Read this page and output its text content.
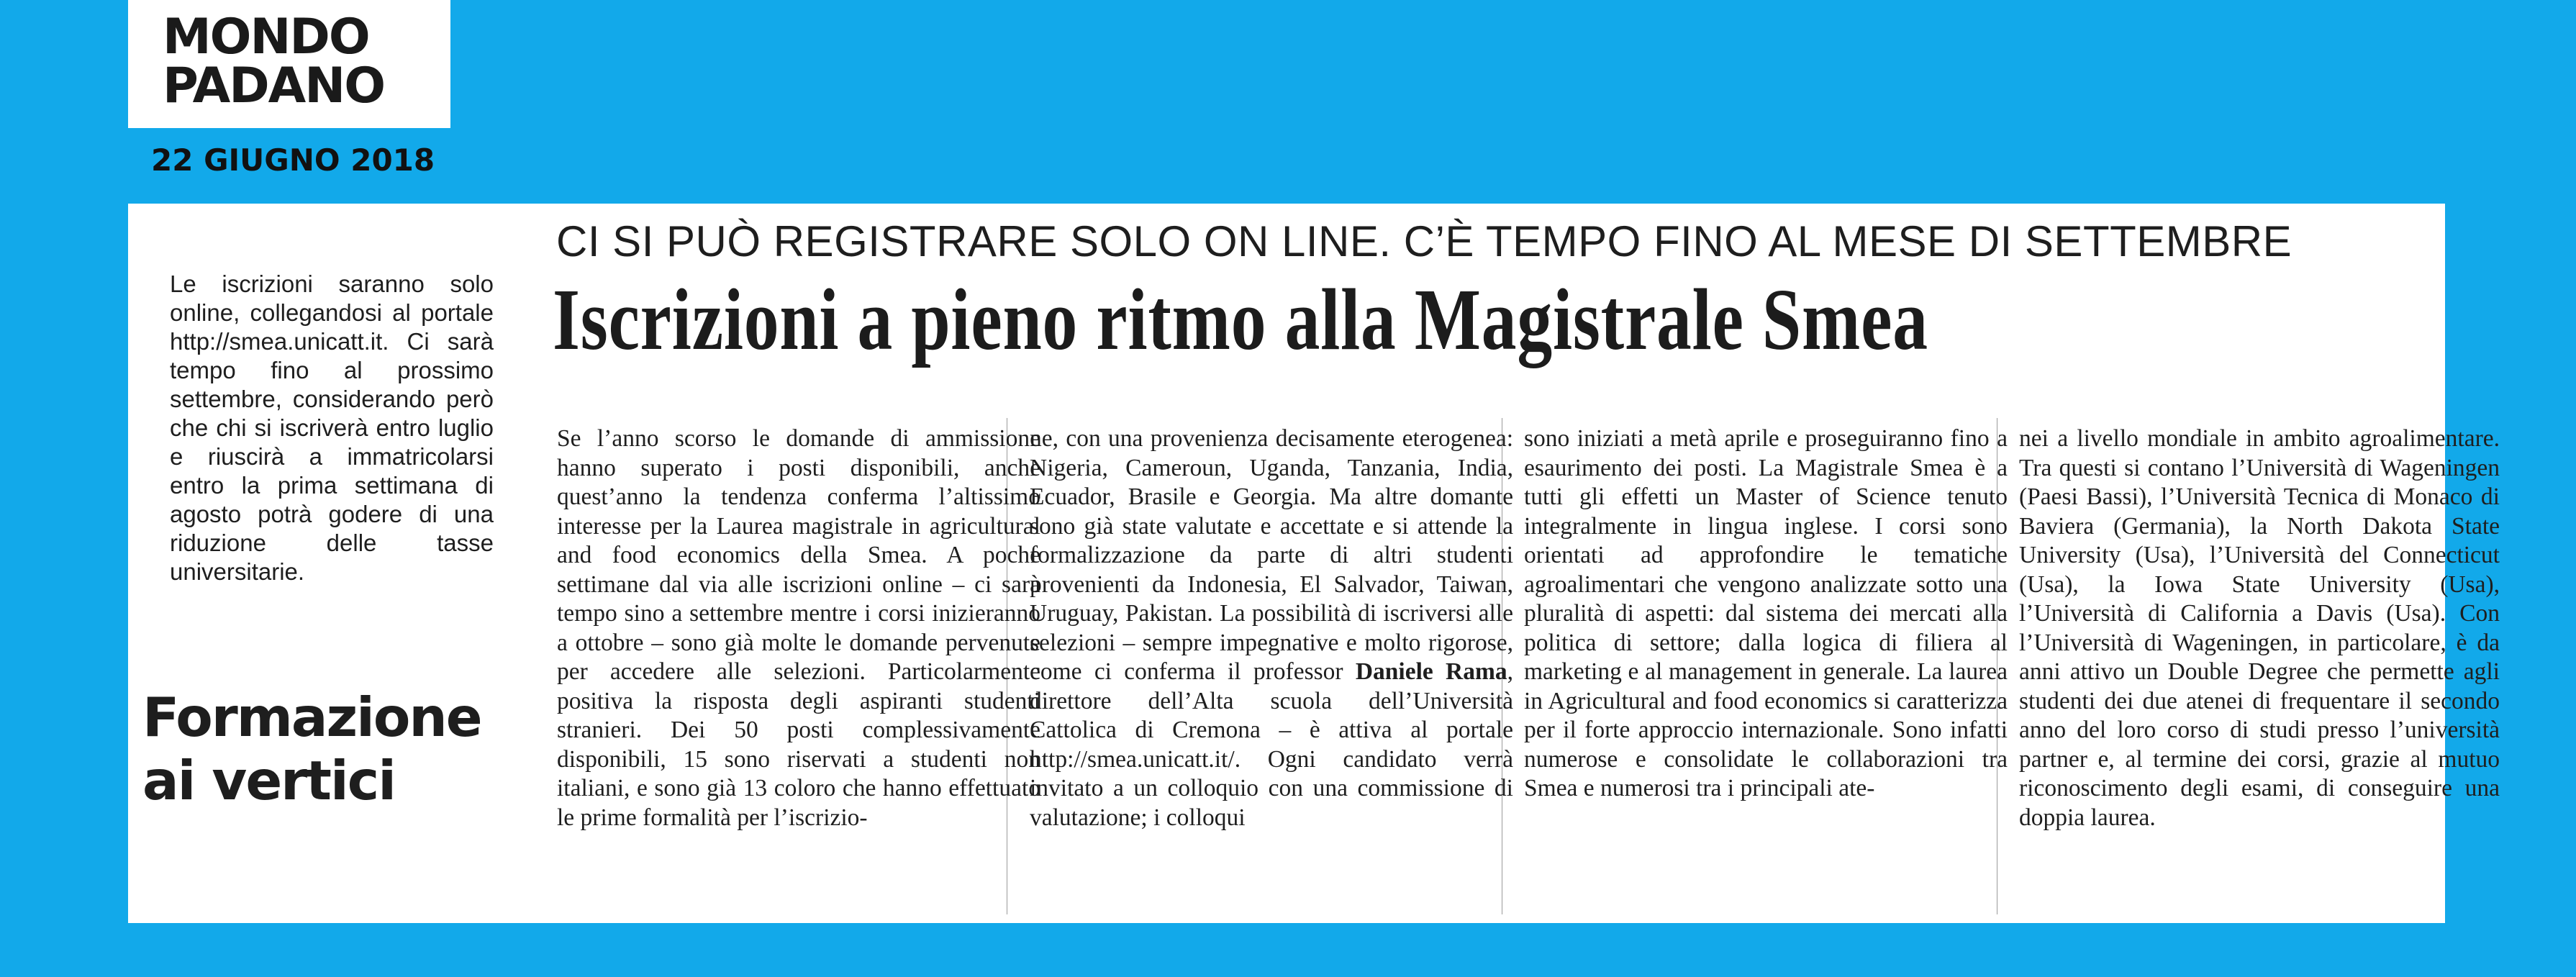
MONDO
PADANO
22 GIUGNO 2018
CI SI PUÒ REGISTRARE SOLO ON LINE. C’È TEMPO FINO AL MESE DI SETTEMBRE
Iscrizioni a pieno ritmo alla Magistrale Smea
Le iscrizioni saranno solo online, collegandosi al portale http://smea.unicatt.it. Ci sarà tempo fino al prossimo settembre, considerando però che chi si iscriverà entro luglio e riuscirà a immatricolarsi entro la prima settimana di agosto potrà godere di una riduzione delle tasse universitarie.
Formazione ai vertici
Se l’anno scorso le domande di ammissione hanno superato i posti disponibili, anche quest’anno la tendenza conferma l’altissimo interesse per la Laurea magistrale in agricultural and food economics della Smea. A poche settimane dal via alle iscrizioni online – ci sarà tempo sino a settembre mentre i corsi inizieranno a ottobre – sono già molte le domande pervenute per accedere alle selezioni. Particolarmente positiva la risposta degli aspiranti studenti stranieri. Dei 50 posti complessivamente disponibili, 15 sono riservati a studenti non italiani, e sono già 13 coloro che hanno effettuato le prime formalità per l’iscrizio-
ne, con una provenienza decisamente eterogenea: Nigeria, Cameroun, Uganda, Tanzania, India, Ecuador, Brasile e Georgia. Ma altre domante sono già state valutate e accettate e si attende la formalizzazione da parte di altri studenti provenienti da Indonesia, El Salvador, Taiwan, Uruguay, Pakistan. La possibilità di iscriversi alle selezioni – sempre impegnative e molto rigorose, come ci conferma il professor Daniele Rama, direttore dell’Alta scuola dell’Università Cattolica di Cremona – è attiva al portale http://smea.unicatt.it/. Ogni candidato verrà invitato a un colloquio con una commissione di valutazione; i colloqui
sono iniziati a metà aprile e proseguiranno fino a esaurimento dei posti. La Magistrale Smea è a tutti gli effetti un Master of Science tenuto integralmente in lingua inglese. I corsi sono orientati ad approfondire le tematiche agroalimentari che vengono analizzate sotto una pluralità di aspetti: dal sistema dei mercati alla politica di settore; dalla logica di filiera al marketing e al management in generale. La laurea in Agricultural and food economics si caratterizza per il forte approccio internazionale. Sono infatti numerose e consolidate le collaborazioni tra Smea e numerosi tra i principali ate-
nei a livello mondiale in ambito agroalimentare. Tra questi si contano l’Università di Wageningen (Paesi Bassi), l’Università Tecnica di Monaco di Baviera (Germania), la North Dakota State University (Usa), l’Università del Connecticut (Usa), la Iowa State University (Usa), l’Università di California a Davis (Usa). Con l’Università di Wageningen, in particolare, è da anni attivo un Double Degree che permette agli studenti dei due atenei di frequentare il secondo anno del loro corso di studi presso l’università partner e, al termine dei corsi, grazie al mutuo riconoscimento degli esami, di conseguire una doppia laurea.
